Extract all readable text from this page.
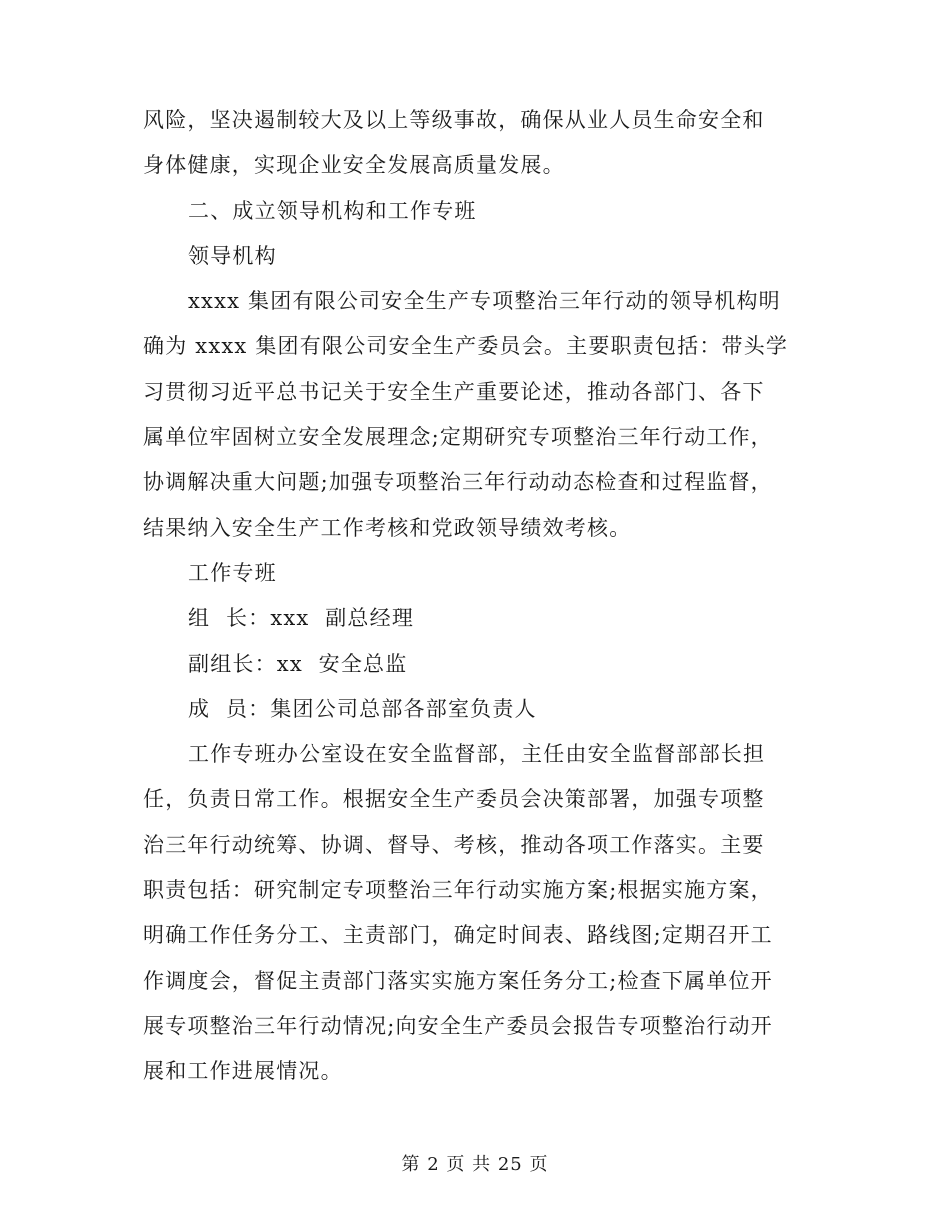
风险，坚决遏制较大及以上等级事故，确保从业人员生命安全和

身体健康，实现企业安全发展高质量发展。

二、成立领导机构和工作专班

领导机构

xxxx 集团有限公司安全生产专项整治三年行动的领导机构明

确为 xxxx 集团有限公司安全生产委员会。主要职责包括：带头学

习贯彻习近平总书记关于安全生产重要论述，推动各部门、各下

属单位牢固树立安全发展理念;定期研究专项整治三年行动工作，

协调解决重大问题;加强专项整治三年行动动态检查和过程监督，

结果纳入安全生产工作考核和党政领导绩效考核。

工作专班

组  长：xxx  副总经理

副组长：xx  安全总监

成  员：集团公司总部各部室负责人

工作专班办公室设在安全监督部，主任由安全监督部部长担

任，负责日常工作。根据安全生产委员会决策部署，加强专项整

治三年行动统筹、协调、督导、考核，推动各项工作落实。主要

职责包括：研究制定专项整治三年行动实施方案;根据实施方案，

明确工作任务分工、主责部门，确定时间表、路线图;定期召开工

作调度会，督促主责部门落实实施方案任务分工;检查下属单位开

展专项整治三年行动情况;向安全生产委员会报告专项整治行动开

展和工作进展情况。

第 2 页 共 25 页
